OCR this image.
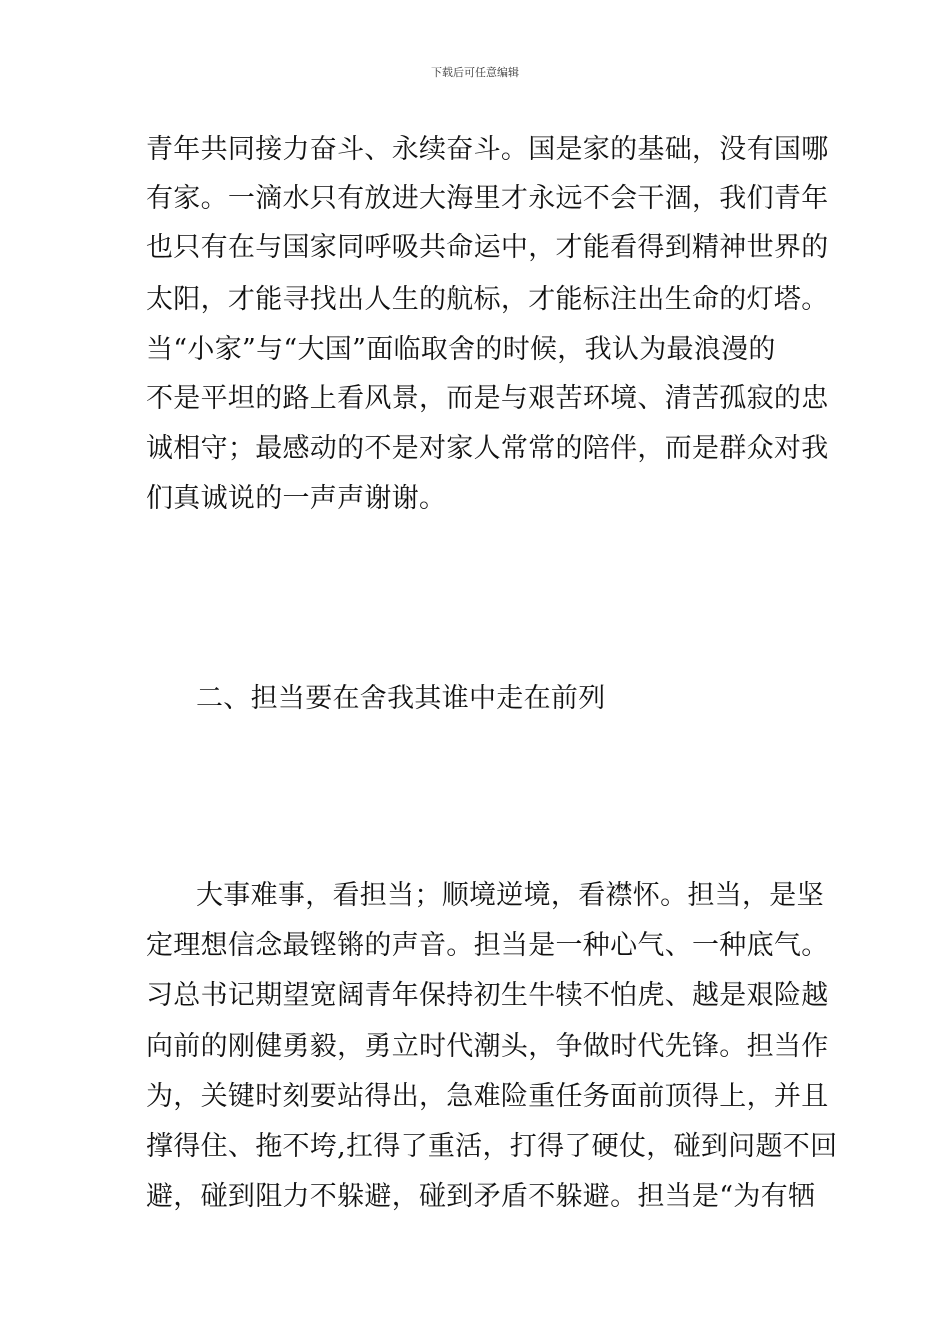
下载后可任意编辑
青年共同接力奋斗、永续奋斗。国是家的基础，没有国哪
有家。一滴水只有放进大海里才永远不会干涸，我们青年
也只有在与国家同呼吸共命运中，才能看得到精神世界的
太阳，才能寻找出人生的航标，才能标注出生命的灯塔。
当“小家”与“大国”面临取舍的时候，我认为最浪漫的
不是平坦的路上看风景，而是与艰苦环境、清苦孤寂的忠
诚相守；最感动的不是对家人常常的陪伴，而是群众对我
们真诚说的一声声谢谢。
二、担当要在舍我其谁中走在前列
大事难事，看担当；顺境逆境，看襟怀。担当，是坚
定理想信念最铿锵的声音。担当是一种心气、一种底气。
习总书记期望宽阔青年保持初生牛犊不怕虎、越是艰险越
向前的刚健勇毅，勇立时代潮头，争做时代先锋。担当作
为，关键时刻要站得出，急难险重任务面前顶得上，并且
撑得住、拖不垮,扛得了重活，打得了硬仗，碰到问题不回
避，碰到阻力不躲避，碰到矛盾不躲避。担当是“为有牺
